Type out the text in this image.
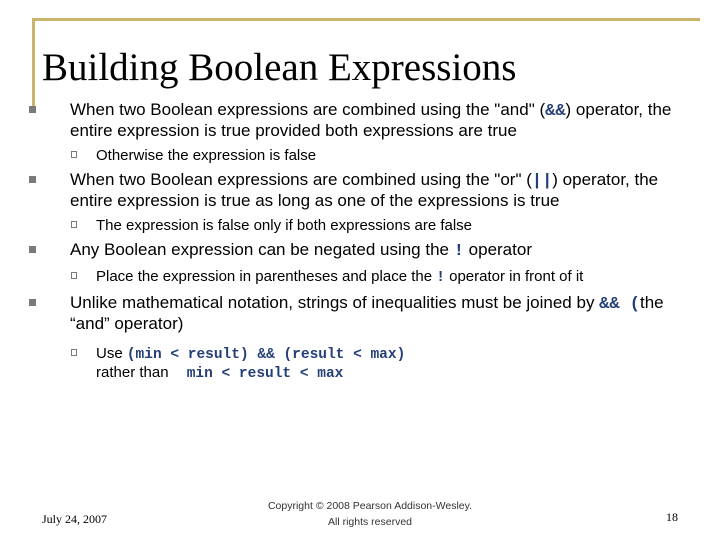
Building Boolean Expressions
When two Boolean expressions are combined using the "and" (&&) operator, the entire expression is true provided both expressions are true
Otherwise the expression is false
When two Boolean expressions are combined using the "or" (||) operator, the entire expression is true as long as one of the expressions is true
The expression is false only if both expressions are false
Any Boolean expression can be negated using the ! operator
Place the expression in parentheses and place the ! operator in front of it
Unlike mathematical notation, strings of inequalities must be joined by && (the “and” operator)
Use (min < result) && (result < max)
rather than min < result < max
July 24, 2007
Copyright © 2008 Pearson Addison-Wesley.
All rights reserved	18
